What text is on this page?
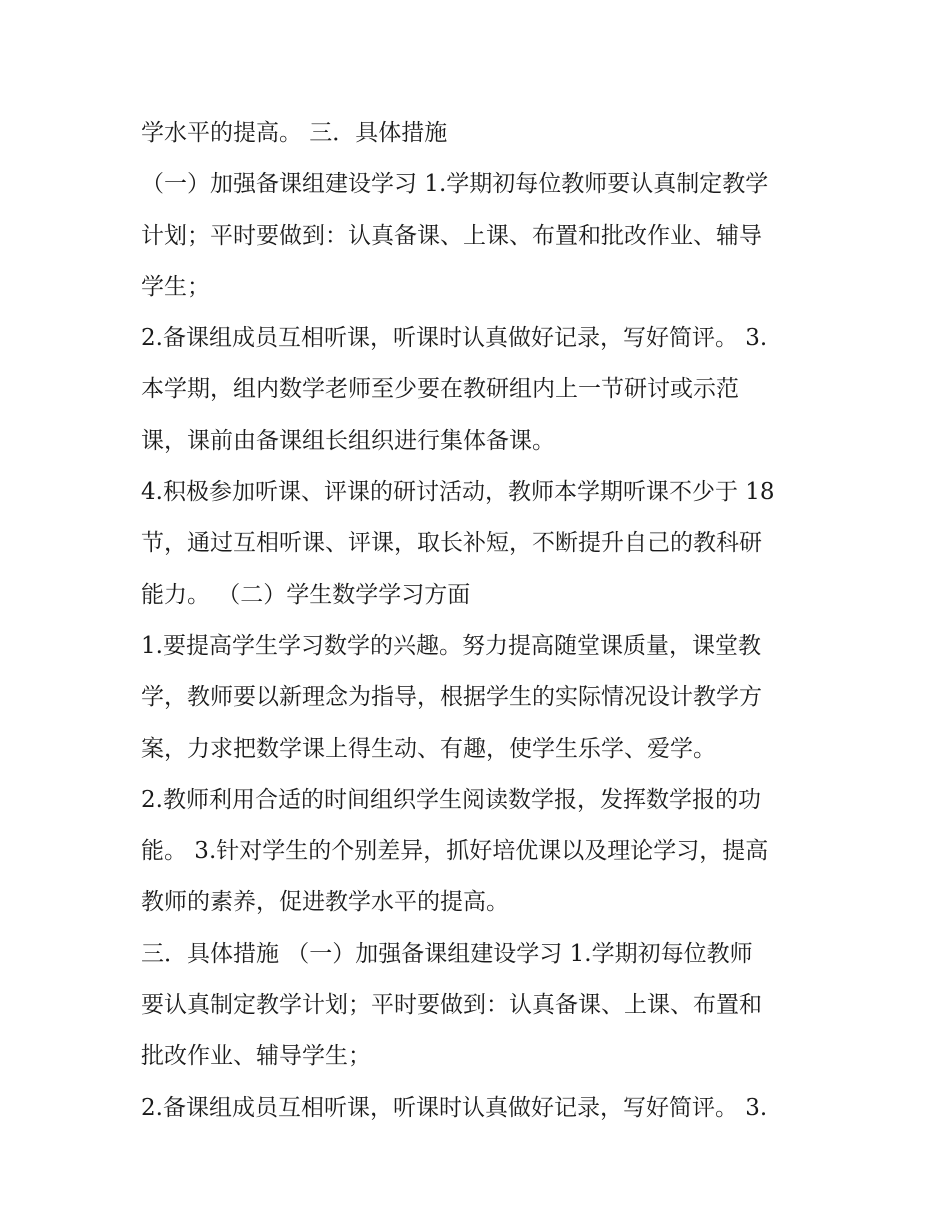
学水平的提高。 三．具体措施
（一）加强备课组建设学习 1.学期初每位教师要认真制定教学
计划；平时要做到：认真备课、上课、布置和批改作业、辅导
学生；
2.备课组成员互相听课，听课时认真做好记录，写好简评。 3.
本学期，组内数学老师至少要在教研组内上一节研讨或示范
课，课前由备课组长组织进行集体备课。
4.积极参加听课、评课的研讨活动，教师本学期听课不少于 18
节，通过互相听课、评课，取长补短，不断提升自己的教科研
能力。 （二）学生数学学习方面
1.要提高学生学习数学的兴趣。努力提高随堂课质量，课堂教
学，教师要以新理念为指导，根据学生的实际情况设计教学方
案，力求把数学课上得生动、有趣，使学生乐学、爱学。
2.教师利用合适的时间组织学生阅读数学报，发挥数学报的功
能。 3.针对学生的个别差异，抓好培优课以及理论学习，提高
教师的素养，促进教学水平的提高。
三．具体措施 （一）加强备课组建设学习 1.学期初每位教师
要认真制定教学计划；平时要做到：认真备课、上课、布置和
批改作业、辅导学生；
2.备课组成员互相听课，听课时认真做好记录，写好简评。 3.
